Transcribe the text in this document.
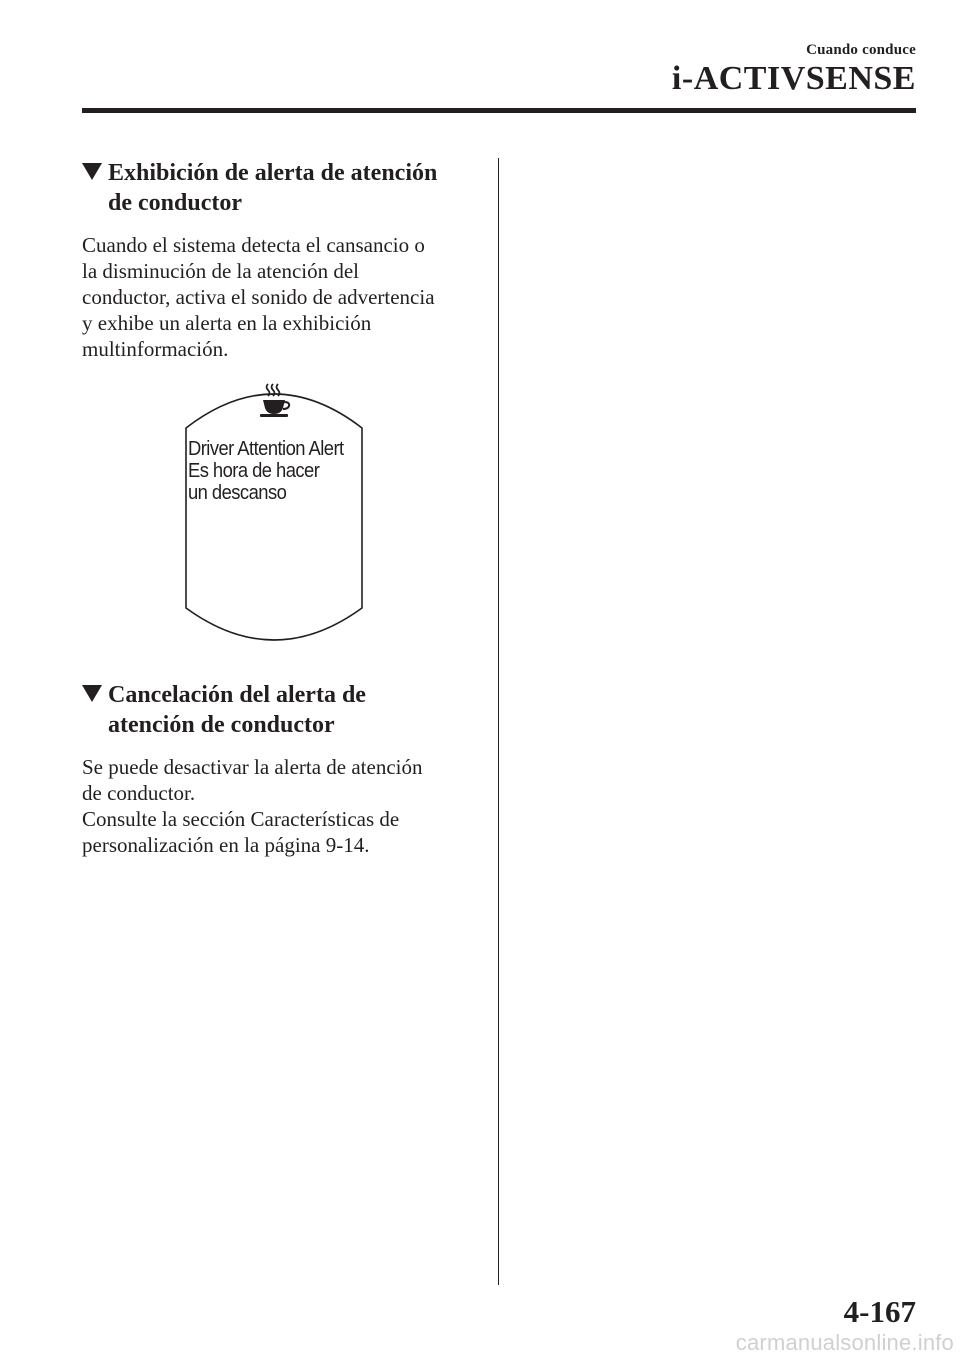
Cuando conduce
i-ACTIVSENSE
Exhibición de alerta de atención
de conductor

Cuando el sistema detecta el cansancio o
la disminución de la atención del
conductor, activa el sonido de advertencia
y exhibe un alerta en la exhibición
multinformación.

Driver Attention Alert
Es hora de hacer
un descanso
Cancelación del alerta de
atención de conductor

Se puede desactivar la alerta de atención
de conductor.
Consulte la sección Características de
personalización en la página 9-14.

4-167
carmanualsonline.info
